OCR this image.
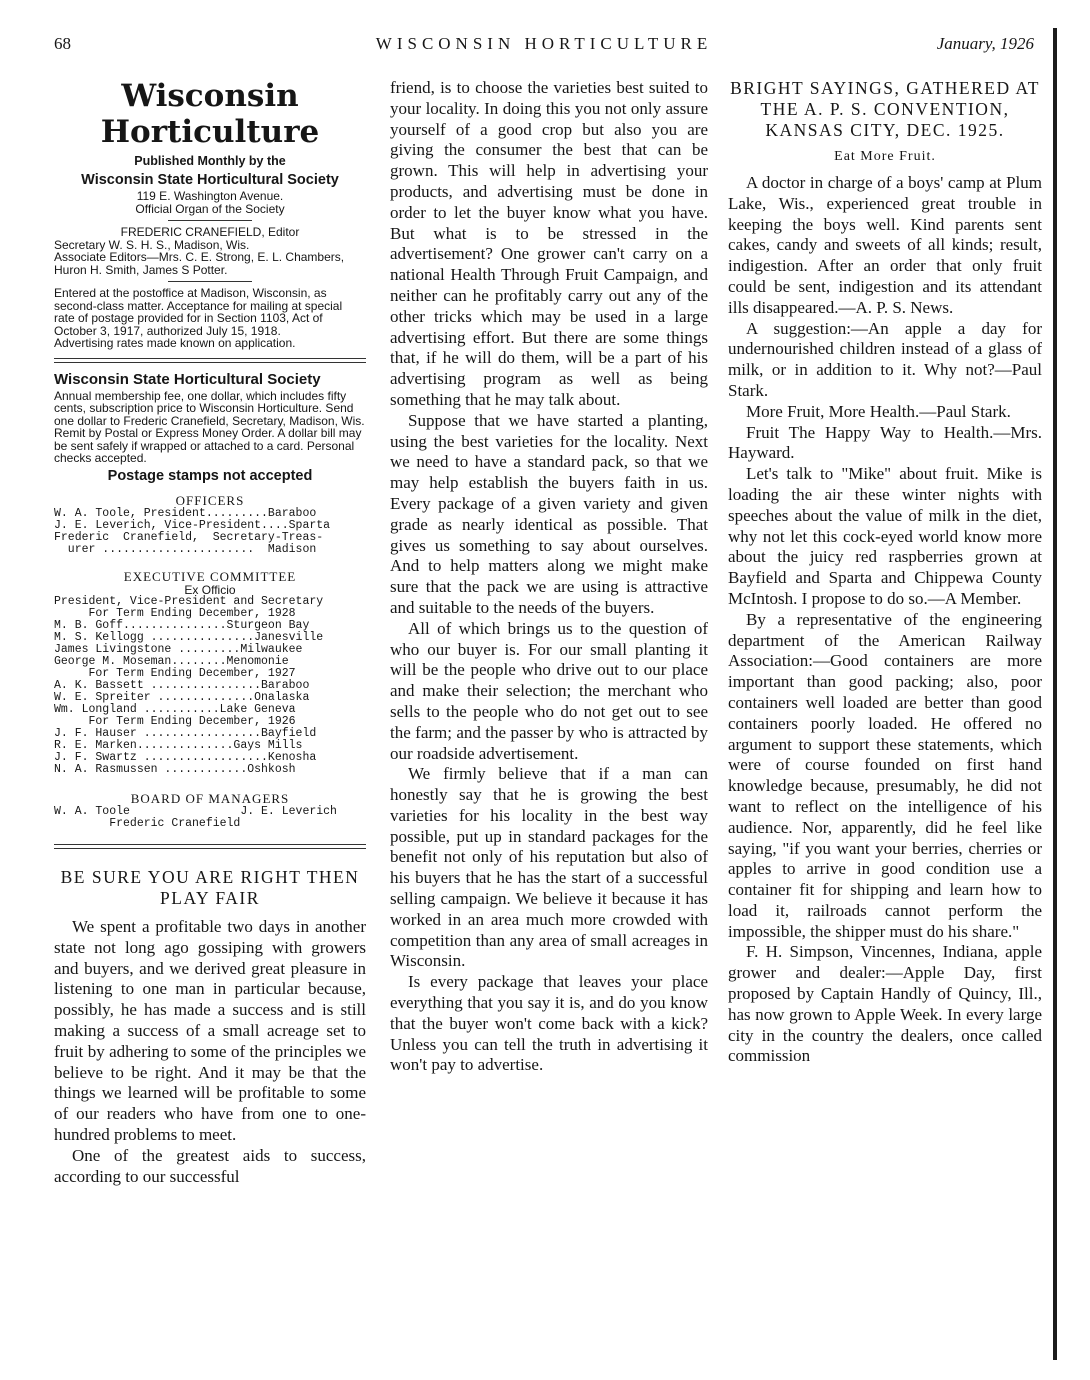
68	WISCONSIN HORTICULTURE	January, 1926
Wisconsin Horticulture

Published Monthly by the

Wisconsin State Horticultural Society

119 E. Washington Avenue.

Official Organ of the Society

FREDERIC CRANEFIELD, Editor

Secretary W. S. H. S., Madison, Wis.

Associate Editors—Mrs. C. E. Strong, E. L. Chambers, Huron H. Smith, James S Potter.

Entered at the postoffice at Madison, Wisconsin, as second-class matter. Acceptance for mailing at special rate of postage provided for in Section 1103, Act of October 3, 1917, authorized July 15, 1918.

Advertising rates made known on application.

Wisconsin State Horticultural Society

Annual membership fee, one dollar, which includes fifty cents, subscription price to Wisconsin Horticulture. Send one dollar to Frederic Cranefield, Secretary, Madison, Wis.

Remit by Postal or Express Money Order. A dollar bill may be sent safely if wrapped or attached to a card. Personal checks accepted.

Postage stamps not accepted
OFFICERS

W. A. Toole, President.........Baraboo

J. E. Leverich, Vice-President....Sparta

Frederic  Cranefield,  Secretary-Treas-

urer ......................  Madison

EXECUTIVE COMMITTEE
Ex Officio

President, Vice-President and Secretary

For Term Ending December, 1928

M. B. Goff...............Sturgeon Bay

M. S. Kellogg ...............Janesville

James Livingstone .........Milwaukee

George M. Moseman........Menomonie

For Term Ending December, 1927

A. K. Bassett ................Baraboo

W. E. Spreiter ..............Onalaska

Wm. Longland ...........Lake Geneva

For Term Ending December, 1926

J. F. Hauser .................Bayfield

R. E. Marken..............Gays Mills

J. F. Swartz ..................Kenosha

N. A. Rasmussen ............Oshkosh

BOARD OF MANAGERS

W. A. Toole                J. E. Leverich

Frederic Cranefield

BE SURE YOU ARE RIGHT THEN PLAY FAIR

We spent a profitable two days in another state not long ago gossiping with growers and buyers, and we derived great pleasure in listening to one man in particular because, possibly, he has made a success and is still making a success of a small acreage set to fruit by adhering to some of the principles we believe to be right. And it may be that the things we learned will be profitable to some of our readers who have from one to one-hundred problems to meet.

One of the greatest aids to success, according to our successful

friend, is to choose the varieties best suited to your locality. In doing this you not only assure yourself of a good crop but also you are giving the consumer the best that can be grown. This will help in advertising your products, and advertising must be done in order to let the buyer know what you have. But what is to be stressed in the advertisement? One grower can't carry on a national Health Through Fruit Campaign, and neither can he profitably carry out any of the other tricks which may be used in a large advertising effort. But there are some things that, if he will do them, will be a part of his advertising program as well as being something that he may talk about.

Suppose that we have started a planting, using the best varieties for the locality. Next we need to have a standard pack, so that we may help establish the buyers faith in us. Every package of a given variety and given grade as nearly identical as possible. That gives us something to say about ourselves. And to help matters along we might make sure that the pack we are using is attractive and suitable to the needs of the buyers.

All of which brings us to the question of who our buyer is. For our small planting it will be the people who drive out to our place and make their selection; the merchant who sells to the people who do not get out to see the farm; and the passer by who is attracted by our roadside advertisement.

We firmly believe that if a man can honestly say that he is growing the best varieties for his locality in the best way possible, put up in standard packages for the benefit not only of his reputation but also of his buyers that he has the start of a successful selling campaign. We believe it because it has worked in an area much more crowded with competition than any area of small acreages in Wisconsin.

Is every package that leaves your place everything that you say it is, and do you know that the buyer won't come back with a kick? Unless you can tell the truth in advertising it won't pay to advertise.

BRIGHT SAYINGS, GATHERED AT THE A. P. S. CONVENTION, KANSAS CITY, DEC. 1925.
Eat More Fruit.

A doctor in charge of a boys' camp at Plum Lake, Wis., experienced great trouble in keeping the boys well. Kind parents sent cakes, candy and sweets of all kinds; result, indigestion. After an order that only fruit could be sent, indigestion and its attendant ills disappeared.—A. P. S. News.

A suggestion:—An apple a day for undernourished children instead of a glass of milk, or in addition to it. Why not?—Paul Stark.

More Fruit, More Health.—Paul Stark.

Fruit The Happy Way to Health.—Mrs. Hayward.

Let's talk to "Mike" about fruit. Mike is loading the air these winter nights with speeches about the value of milk in the diet, why not let this cock-eyed world know more about the juicy red raspberries grown at Bayfield and Sparta and Chippewa County McIntosh. I propose to do so.—A Member.

By a representative of the engineering department of the American Railway Association:—Good containers are more important than good packing; also, poor containers well loaded are better than good containers poorly loaded. He offered no argument to support these statements, which were of course founded on first hand knowledge because, presumably, he did not want to reflect on the intelligence of his audience. Nor, apparently, did he feel like saying, "if you want your berries, cherries or apples to arrive in good condition use a container fit for shipping and learn how to load it, railroads cannot perform the impossible, the shipper must do his share."

F. H. Simpson, Vincennes, Indiana, apple grower and dealer:—Apple Day, first proposed by Captain Handly of Quincy, Ill., has now grown to Apple Week. In every large city in the country the dealers, once called commission
